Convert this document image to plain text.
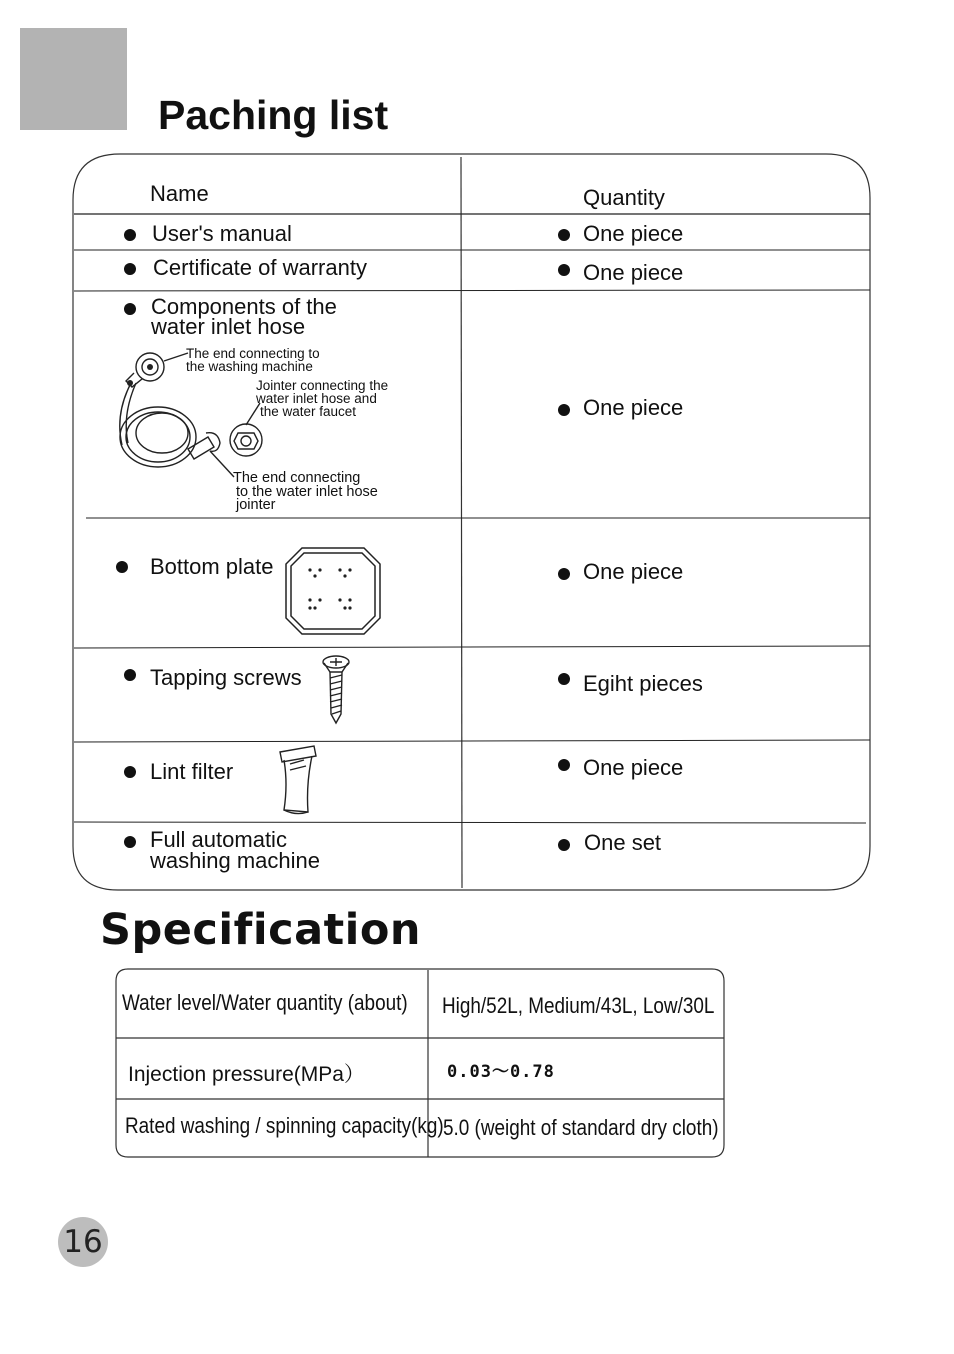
Paching list
Name	Quantity
User's manual	One piece
Certificate of warranty	One piece
Components of the
water inlet hose
The end connecting to
the washing machine
Jointer connecting the
water inlet hose and
the water faucet
The end connecting
to the water inlet hose
jointer
One piece
Bottom plate	One piece
Tapping screws	Egiht pieces
Lint filter	One piece
Full automatic
washing machine
One set
Specification
Water level/Water quantity (about) High/52L, Medium/43L, Low/30L
Injection pressure(MPa）	0.03～0.78
Rated washing / spinning capacity(kg) 5.0 (weight of standard dry cloth)
16
